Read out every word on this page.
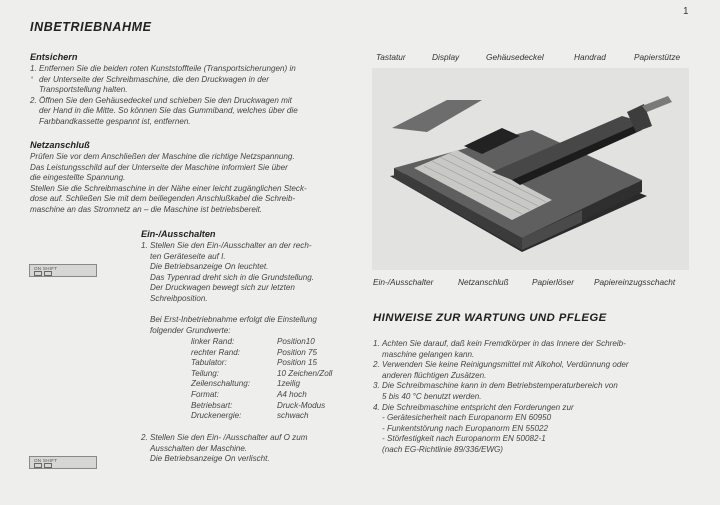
1
INBETRIEBNAHME
Entsichern
˚
1. Entfernen Sie die beiden roten Kunststoffteile (Transportsicherungen) in

der Unterseite der Schreibmaschine, die den Druckwagen in der

Transportstellung halten.

2. Öffnen Sie den Gehäusedeckel und schieben Sie den Druckwagen mit

der Hand in die Mitte. So können Sie das Gummiband, welches über die

Farbbandkassette gespannt ist, entfernen.

Netzanschluß

Prüfen Sie vor dem Anschließen der Maschine die richtige Netzspannung.

Das Leistungsschild auf der Unterseite der Maschine informiert Sie über

die eingestellte Spannung.

Stellen Sie die Schreibmaschine in der Nähe einer leicht zugänglichen Steck-

dose auf. Schließen Sie mit dem beiliegenden Anschlußkabel die Schreib-

maschine an das Stromnetz an – die Maschine ist betriebsbereit.

Ein-/Ausschalten
ON SHIFT
1. Stellen Sie den Ein-/Ausschalter an der rech-

ten Geräteseite auf I.

Die Betriebsanzeige On leuchtet.

Das Typenrad dreht sich in die Grundstellung.

Der Druckwagen bewegt sich zur letzten

Schreibposition.

Bei Erst-Inbetriebnahme erfolgt die Einstellung

folgender Grundwerte:

linker Rand:	Position10
rechter Rand:	Position 75
Tabulator:	Position 15
Teilung:	10 Zeichen/Zoll
Zeilenschaltung:	1zeilig
Format:	A4 hoch
Betriebsart:	Druck-Modus
Druckenergie:	schwach
ON SHIFT
2. Stellen Sie den Ein- /Ausschalter auf O zum

Ausschalten der Maschine.

Die Betriebsanzeige On verlischt.

Tastatur	Display	Gehäusedeckel	Handrad	Papierstütze
Ein-/Ausschalter	Netzanschluß	Papierlöser Papiereinzugsschacht
HINWEISE ZUR WARTUNG UND PFLEGE
1. Achten Sie darauf, daß kein Fremdkörper in das Innere der Schreib-

maschine gelangen kann.

2. Verwenden Sie keine Reinigungsmittel mit Alkohol, Verdünnung oder

anderen flüchtigen Zusätzen.

3. Die Schreibmaschine kann in dem Betriebstemperaturbereich von

5 bis 40 °C benutzt werden.

4. Die Schreibmaschine entspricht den Forderungen zur

- Gerätesicherheit nach Europanorm EN 60950

- Funkentstörung nach Europanorm EN 55022

- Störfestigkeit nach Europanorm EN 50082-1

(nach EG-Richtlinie 89/336/EWG)
